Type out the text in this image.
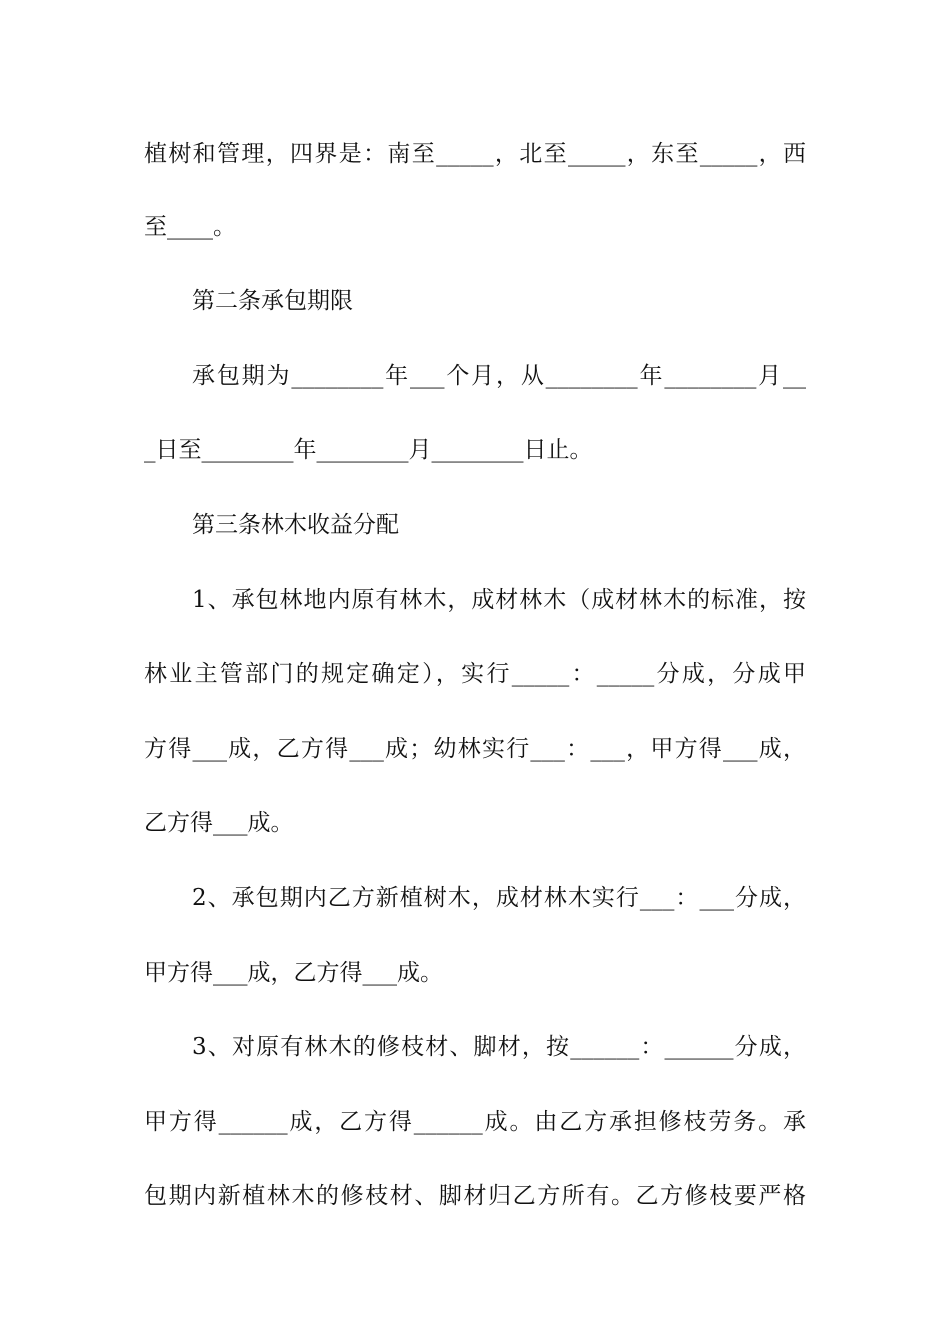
植树和管理，四界是：南至_____，北至_____，东至_____，西

至____。

第二条承包期限

承包期为________年___个月，从________年________月__

_日至________年________月________日止。

第三条林木收益分配

1、承包林地内原有林木，成材林木（成材林木的标准，按

林业主管部门的规定确定），实行_____：_____分成，分成甲

方得___成，乙方得___成；幼林实行___：___，甲方得___成，

乙方得___成。

2、承包期内乙方新植树木，成材林木实行___：___分成，

甲方得___成，乙方得___成。

3、对原有林木的修枝材、脚材，按______：______分成，

甲方得______成，乙方得______成。由乙方承担修枝劳务。承

包期内新植林木的修枝材、脚材归乙方所有。乙方修枝要严格
